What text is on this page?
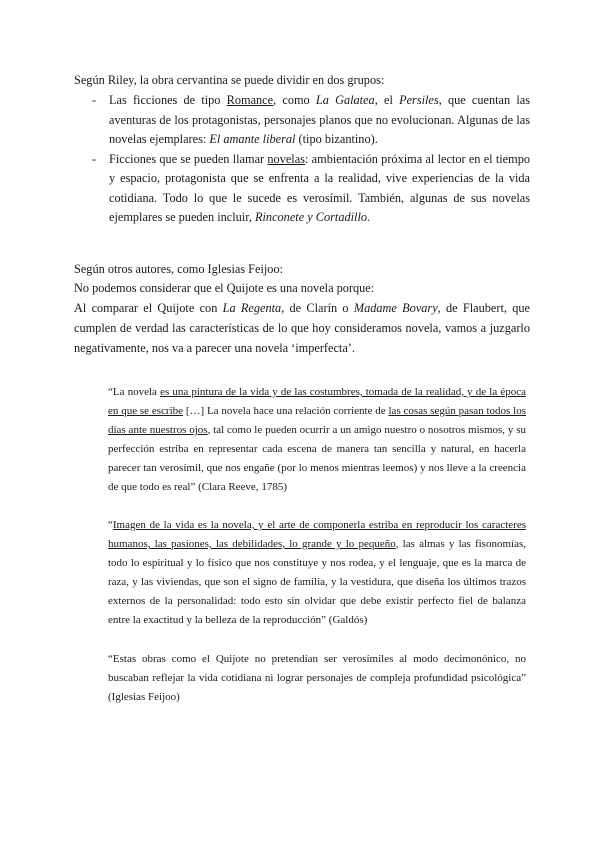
Según Riley, la obra cervantina se puede dividir en dos grupos:

- Las ficciones de tipo Romance, como La Galatea, el Persiles, que cuentan las aventuras de los protagonistas, personajes planos que no evolucionan. Algunas de las novelas ejemplares: El amante liberal (tipo bizantino).
- Ficciones que se pueden llamar novelas: ambientación próxima al lector en el tiempo y espacio, protagonista que se enfrenta a la realidad, vive experiencias de la vida cotidiana. Todo lo que le sucede es verosímil. También, algunas de sus novelas ejemplares se pueden incluir, Rinconete y Cortadillo.

Según otros autores, como Iglesias Feijoo:

No podemos considerar que el Quijote es una novela porque:

Al comparar el Quijote con La Regenta, de Clarín o Madame Bovary, de Flaubert, que cumplen de verdad las características de lo que hoy consideramos novela, vamos a juzgarlo negativamente, nos va a parecer una novela ‘imperfecta’.

“La novela es una pintura de la vida y de las costumbres, tomada de la realidad, y de la época en que se escribe […] La novela hace una relación corriente de las cosas según pasan todos los días ante nuestros ojos, tal como le pueden ocurrir a un amigo nuestro o nosotros mismos, y su perfección estriba en representar cada escena de manera tan sencilla y natural, en hacerla parecer tan verosímil, que nos engañe (por lo menos mientras leemos) y nos lleve a la creencia de que todo es real” (Clara Reeve, 1785)

“Imagen de la vida es la novela, y el arte de componerla estriba en reproducir los caracteres humanos, las pasiones, las debilidades, lo grande y lo pequeño, las almas y las fisonomías, todo lo espiritual y lo físico que nos constituye y nos rodea, y el lenguaje, que es la marca de raza, y las viviendas, que son el signo de familia, y la vestidura, que diseña los últimos trazos externos de la personalidad: todo esto sin olvidar que debe existir perfecto fiel de balanza entre la exactitud y la belleza de la reproducción” (Galdós)

“Estas obras como el Quijote no pretendían ser verosímiles al modo decimonónico, no buscaban reflejar la vida cotidiana ni lograr personajes de compleja profundidad psicológica” (Iglesias Feijoo)
